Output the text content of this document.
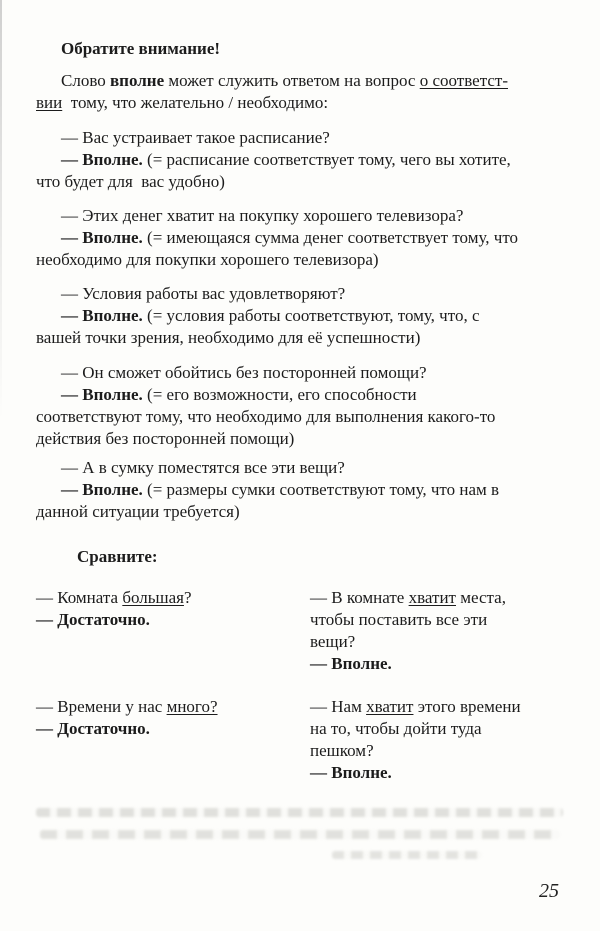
Обратите внимание!
Слово вполне может служить ответом на вопрос о соответст-
вии  тому, что желательно / необходимо:
— Вас устраивает такое расписание?
— Вполне. (= расписание соответствует тому, чего вы хотите,
что будет для  вас удобно)
— Этих денег хватит на покупку хорошего телевизора?
— Вполне. (= имеющаяся сумма денег соответствует тому, что
необходимо для покупки хорошего телевизора)
— Условия работы вас удовлетворяют?
— Вполне. (= условия работы соответствуют, тому, что, с
вашей точки зрения, необходимо для её успешности)
— Он сможет обойтись без посторонней помощи?
— Вполне. (= его возможности, его способности
соответствуют тому, что необходимо для выполнения какого-то
действия без посторонней помощи)
— А в сумку поместятся все эти вещи?
— Вполне. (= размеры сумки соответствуют тому, что нам в
данной ситуации требуется)
Сравните:
— Комната большая?
— Достаточно.
— В комнате хватит места,
чтобы поставить все эти
вещи?
— Вполне.
— Времени у нас много?
— Достаточно.
— Нам хватит этого времени
на то, чтобы дойти туда
пешком?
— Вполне.
25
